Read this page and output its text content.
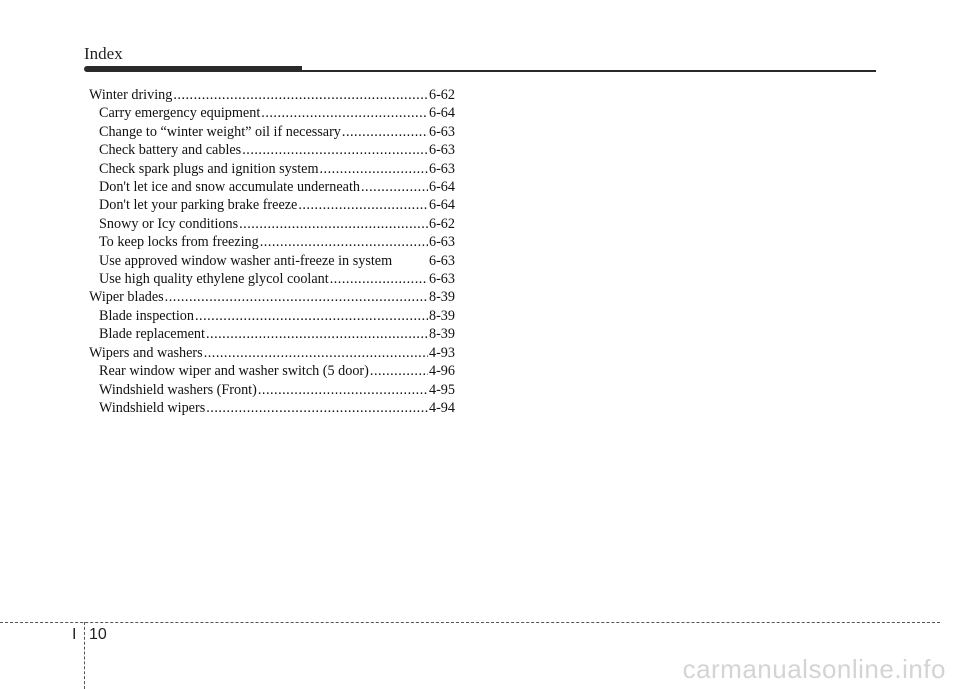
Index
Winter driving .....	6-62
Carry emergency equipment .....	6-64
Change to “winter weight” oil if necessary .....	6-63
Check battery and cables .....	6-63
Check spark plugs and ignition system .....	6-63
Don't let ice and snow accumulate underneath .....	6-64
Don't let your parking brake freeze .....	6-64
Snowy or Icy conditions .....	6-62
To keep locks from freezing .....	6-63
Use approved window washer anti-freeze in system	6-63
Use high quality ethylene glycol coolant .....	6-63
Wiper blades .....	8-39
Blade inspection .....	8-39
Blade replacement .....	8-39
Wipers and washers .....	4-93
Rear window wiper and washer switch (5 door) .....	4-96
Windshield washers (Front) .....	4-95
Windshield wipers .....	4-94
I 10
carmanualsonline.info
